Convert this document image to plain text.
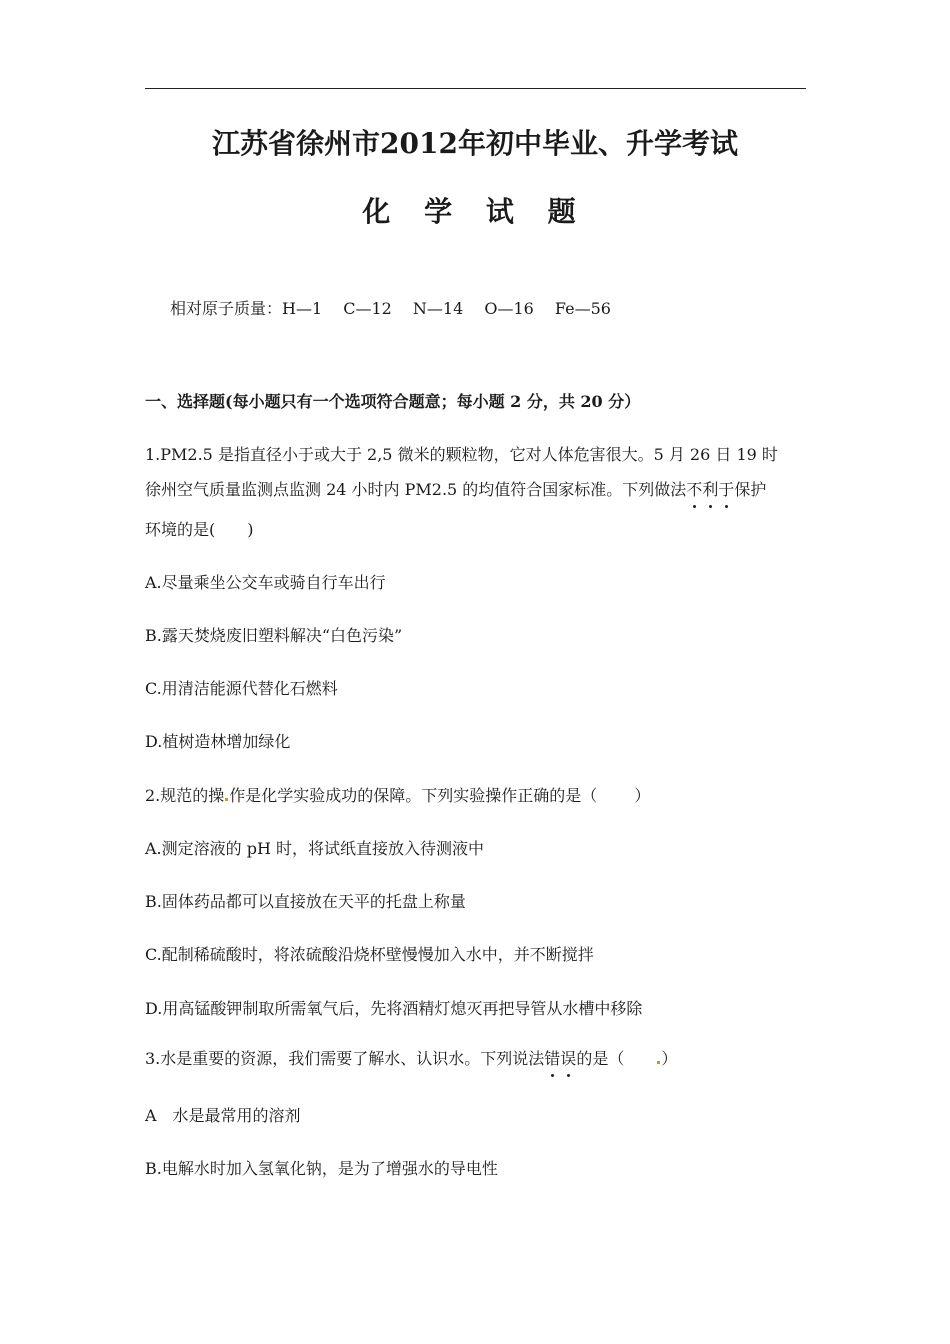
江苏省徐州市2012年初中毕业、升学考试
化 学 试 题
相对原子质量：H—1　 C—12　 N—14　 O—16　 Fe—56
一、选择题(每小题只有一个选项符合题意；每小题 2 分，共 20 分）
1.PM2.5 是指直径小于或大于 2,5 微米的颗粒物，它对人体危害很大。5 月 26 日 19 时
徐州空气质量监测点监测 24 小时内 PM2.5 的均值符合国家标准。下列做法不
利
于
保护
环境的是(　　)
A.尽量乘坐公交车或骑自行车出行
B.露天焚烧废旧塑料解决“白色污染”
C.用清洁能源代替化石燃料
D.植树造林增加绿化
2.规范的操 作是化学实验成功的保障。下列实验操作正确的是（　　 ）
A.测定溶液的 pH 时，将试纸直接放入待测液中
B.固体药品都可以直接放在天平的托盘上称量
C.配制稀硫酸时，将浓硫酸沿烧杯壁慢慢加入水中，并不断搅拌
D.用高锰酸钾制取所需氧气后，先将酒精灯熄灭再把导管从水槽中移除
3.水是重要的资源，我们需要了解水、认识水。下列说法错
误
的是（　　）
A　水是最常用的溶剂
B.电解水时加入氢氧化钠，是为了增强水的导电性
